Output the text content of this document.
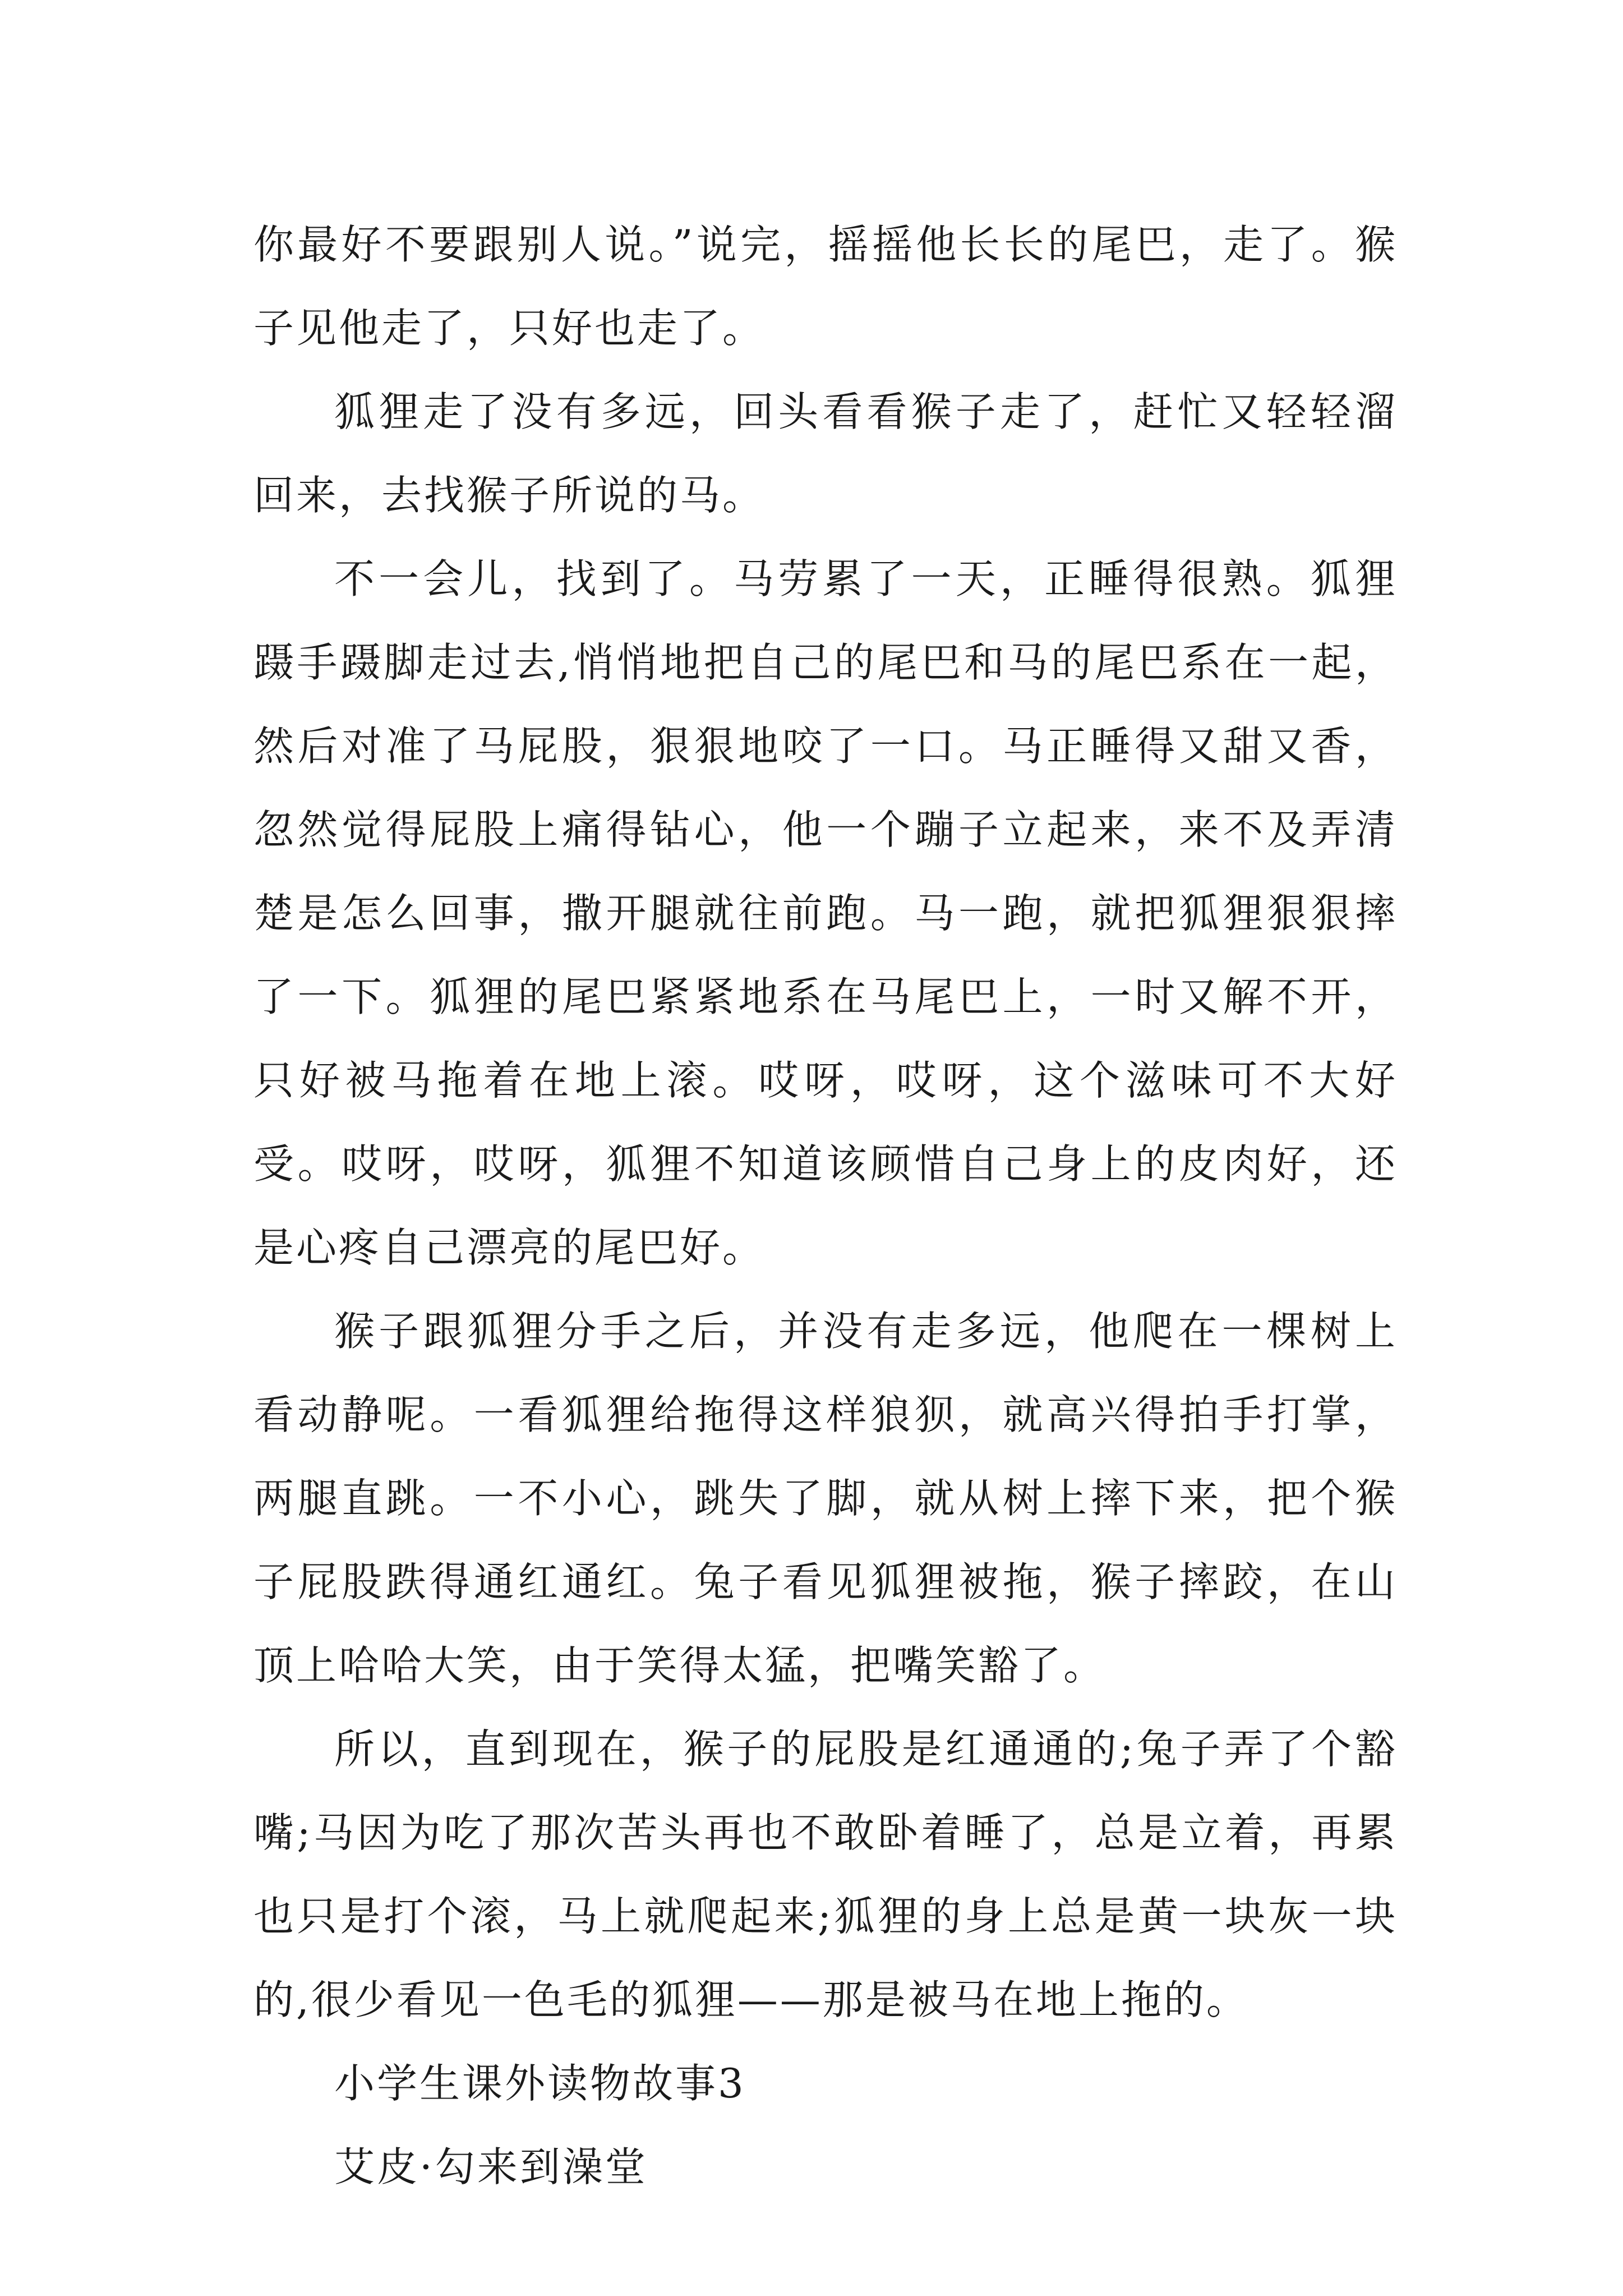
你最好不要跟别人说。”说完，摇摇他长长的尾巴，走了。猴子见他走了，只好也走了。

狐狸走了没有多远，回头看看猴子走了，赶忙又轻轻溜回来，去找猴子所说的马。

不一会儿，找到了。马劳累了一天，正睡得很熟。狐狸蹑手蹑脚走过去,悄悄地把自己的尾巴和马的尾巴系在一起，然后对准了马屁股，狠狠地咬了一口。马正睡得又甜又香，忽然觉得屁股上痛得钻心，他一个蹦子立起来，来不及弄清楚是怎么回事，撒开腿就往前跑。马一跑，就把狐狸狠狠摔了一下。狐狸的尾巴紧紧地系在马尾巴上，一时又解不开，只好被马拖着在地上滚。哎呀，哎呀，这个滋味可不大好受。哎呀，哎呀，狐狸不知道该顾惜自己身上的皮肉好，还是心疼自己漂亮的尾巴好。

猴子跟狐狸分手之后，并没有走多远，他爬在一棵树上看动静呢。一看狐狸给拖得这样狼狈，就高兴得拍手打掌，两腿直跳。一不小心，跳失了脚，就从树上摔下来，把个猴子屁股跌得通红通红。兔子看见狐狸被拖，猴子摔跤，在山顶上哈哈大笑，由于笑得太猛，把嘴笑豁了。

所以，直到现在，猴子的屁股是红通通的;兔子弄了个豁嘴;马因为吃了那次苦头再也不敢卧着睡了，总是立着，再累也只是打个滚，马上就爬起来;狐狸的身上总是黄一块灰一块的,很少看见一色毛的狐狸——那是被马在地上拖的。

小学生课外读物故事3

艾皮·勾来到澡堂
